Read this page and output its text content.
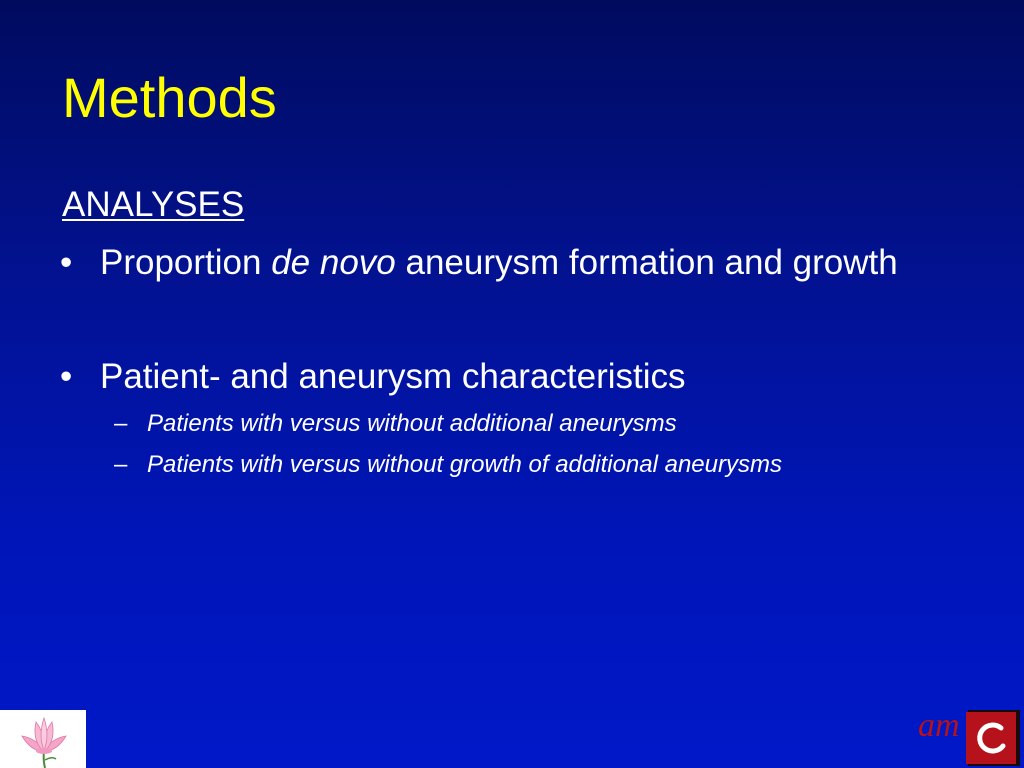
Methods
ANALYSES
• Proportion de novo aneurysm formation and growth
• Patient- and aneurysm characteristics
– Patients with versus without additional aneurysms
– Patients with versus without growth of additional aneurysms
am
